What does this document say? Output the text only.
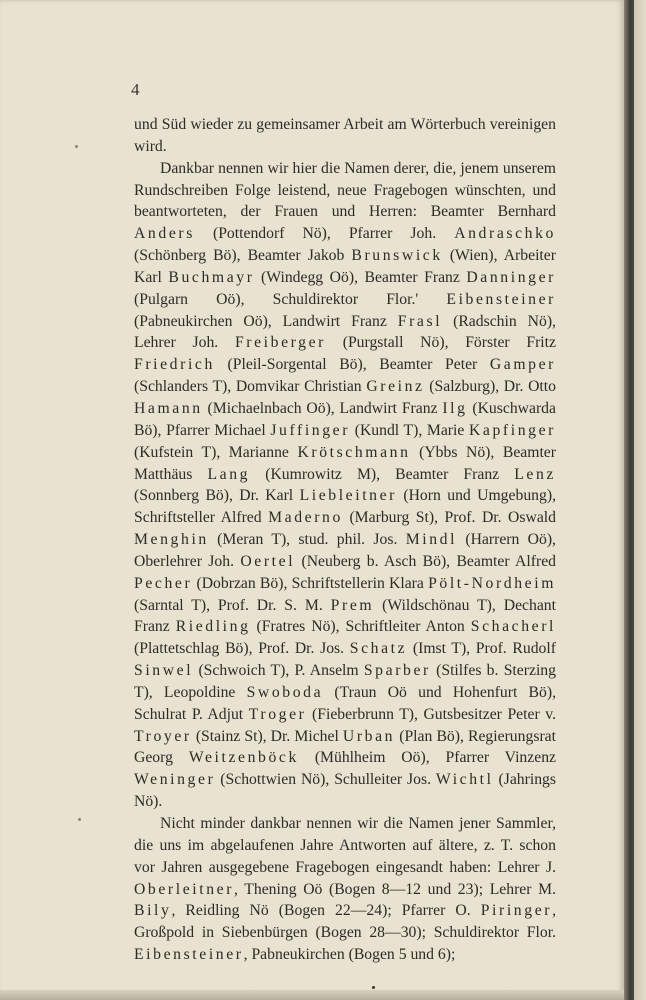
4

und Süd wieder zu gemeinsamer Arbeit am Wörterbuch vereinigen wird.

Dankbar nennen wir hier die Namen derer, die, jenem unserem Rundschreiben Folge leistend, neue Fragebogen wünschten, und beantworteten, der Frauen und Herren: Beamter Bernhard Anders (Pottendorf Nö), Pfarrer Joh. Andraschko (Schönberg Bö), Beamter Jakob Brunswick (Wien), Arbeiter Karl Buchmayr (Windegg Oö), Beamter Franz Danninger (Pulgarn Oö), Schuldirektor Flor.' Eibensteiner (Pabneukirchen Oö), Landwirt Franz Frasl (Radschin Nö), Lehrer Joh. Freiberger (Purgstall Nö), Förster Fritz Friedrich (Pleil-Sorgental Bö), Beamter Peter Gamper (Schlanders T), Domvikar Christian Greinz (Salzburg), Dr. Otto Hamann (Michaelnbach Oö), Landwirt Franz Ilg (Kuschwarda Bö), Pfarrer Michael Juffinger (Kundl T), Marie Kapfinger (Kufstein T), Marianne Krötschmann (Ybbs Nö), Beamter Matthäus Lang (Kumrowitz M), Beamter Franz Lenz (Sonnberg Bö), Dr. Karl Liebleitner (Horn und Umgebung), Schriftsteller Alfred Maderno (Marburg St), Prof. Dr. Oswald Menghin (Meran T), stud. phil. Jos. Mindl (Harrern Oö), Oberlehrer Joh. Oertel (Neuberg b. Asch Bö), Beamter Alfred Pecher (Dobrzan Bö), Schriftstellerin Klara Pölt-Nordheim (Sarntal T), Prof. Dr. S. M. Prem (Wildschönau T), Dechant Franz Riedling (Fratres Nö), Schriftleiter Anton Schacherl (Plattetschlag Bö), Prof. Dr. Jos. Schatz (Imst T), Prof. Rudolf Sinwel (Schwoich T), P. Anselm Sparber (Stilfes b. Sterzing T), Leopoldine Swoboda (Traun Oö und Hohenfurt Bö), Schulrat P. Adjut Troger (Fieberbrunn T), Gutsbesitzer Peter v. Troyer (Stainz St), Dr. Michel Urban (Plan Bö), Regierungsrat Georg Weitzenböck (Mühlheim Oö), Pfarrer Vinzenz Weninger (Schottwien Nö), Schulleiter Jos. Wichtl (Jahrings Nö).

Nicht minder dankbar nennen wir die Namen jener Sammler, die uns im abgelaufenen Jahre Antworten auf ältere, z. T. schon vor Jahren ausgegebene Fragebogen eingesandt haben: Lehrer J. Oberleitner, Thening Oö (Bogen 8—12 und 23); Lehrer M. Bily, Reidling Nö (Bogen 22—24); Pfarrer O. Piringer, Großpold in Siebenbürgen (Bogen 28—30); Schuldirektor Flor. Eibensteiner, Pabneukirchen (Bogen 5 und 6);
